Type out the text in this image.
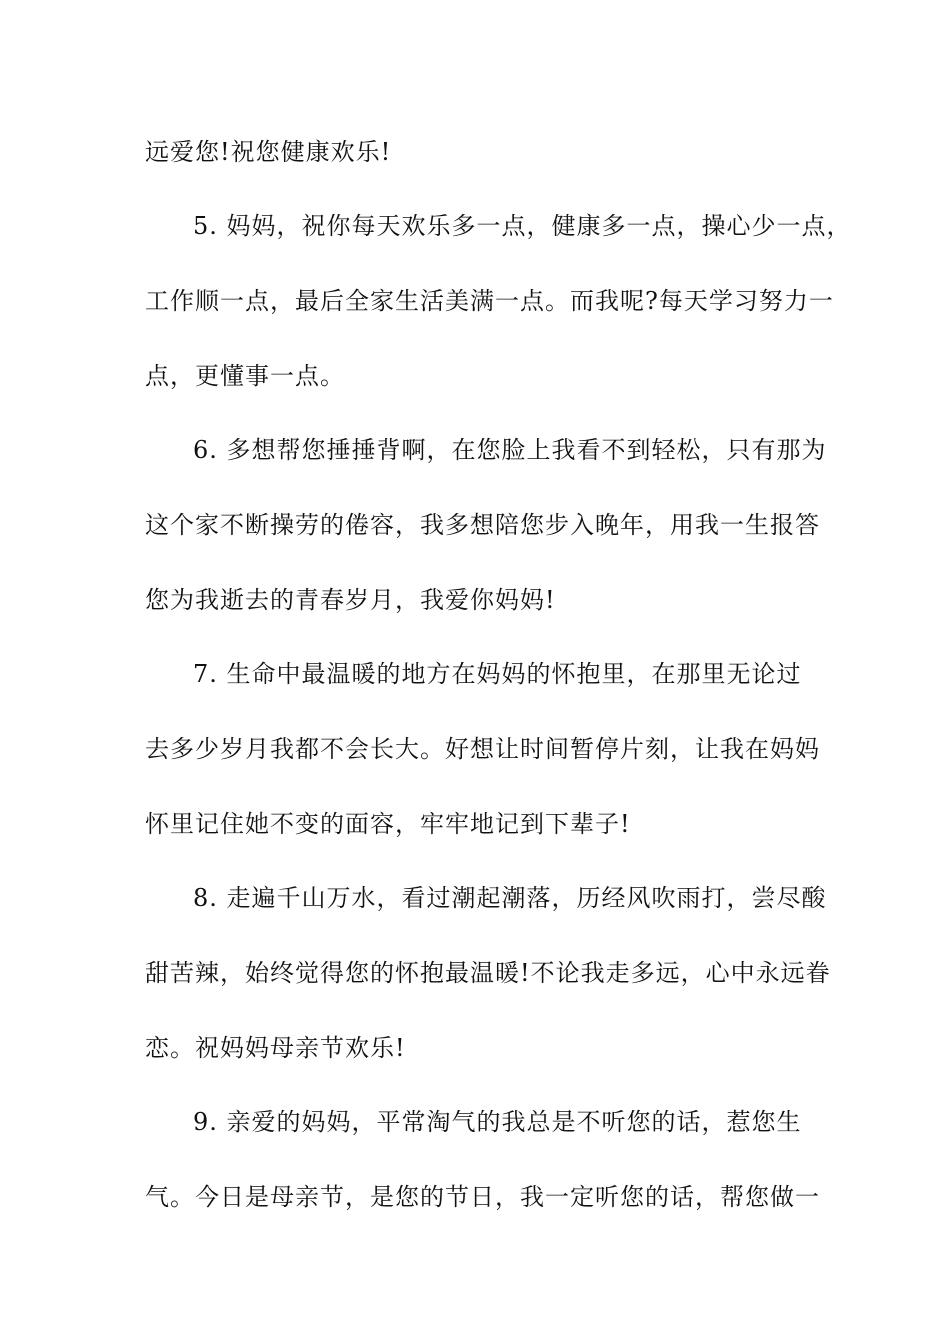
远爱您!祝您健康欢乐!
5. 妈妈，祝你每天欢乐多一点，健康多一点，操心少一点，
工作顺一点，最后全家生活美满一点。而我呢?每天学习努力一
点，更懂事一点。
6. 多想帮您捶捶背啊，在您脸上我看不到轻松，只有那为
这个家不断操劳的倦容，我多想陪您步入晚年，用我一生报答
您为我逝去的青春岁月，我爱你妈妈!
7. 生命中最温暖的地方在妈妈的怀抱里，在那里无论过
去多少岁月我都不会长大。好想让时间暂停片刻，让我在妈妈
怀里记住她不变的面容，牢牢地记到下辈子!
8. 走遍千山万水，看过潮起潮落，历经风吹雨打，尝尽酸
甜苦辣，始终觉得您的怀抱最温暖!不论我走多远，心中永远眷
恋。祝妈妈母亲节欢乐!
9. 亲爱的妈妈，平常淘气的我总是不听您的话，惹您生
气。今日是母亲节，是您的节日，我一定听您的话，帮您做一
